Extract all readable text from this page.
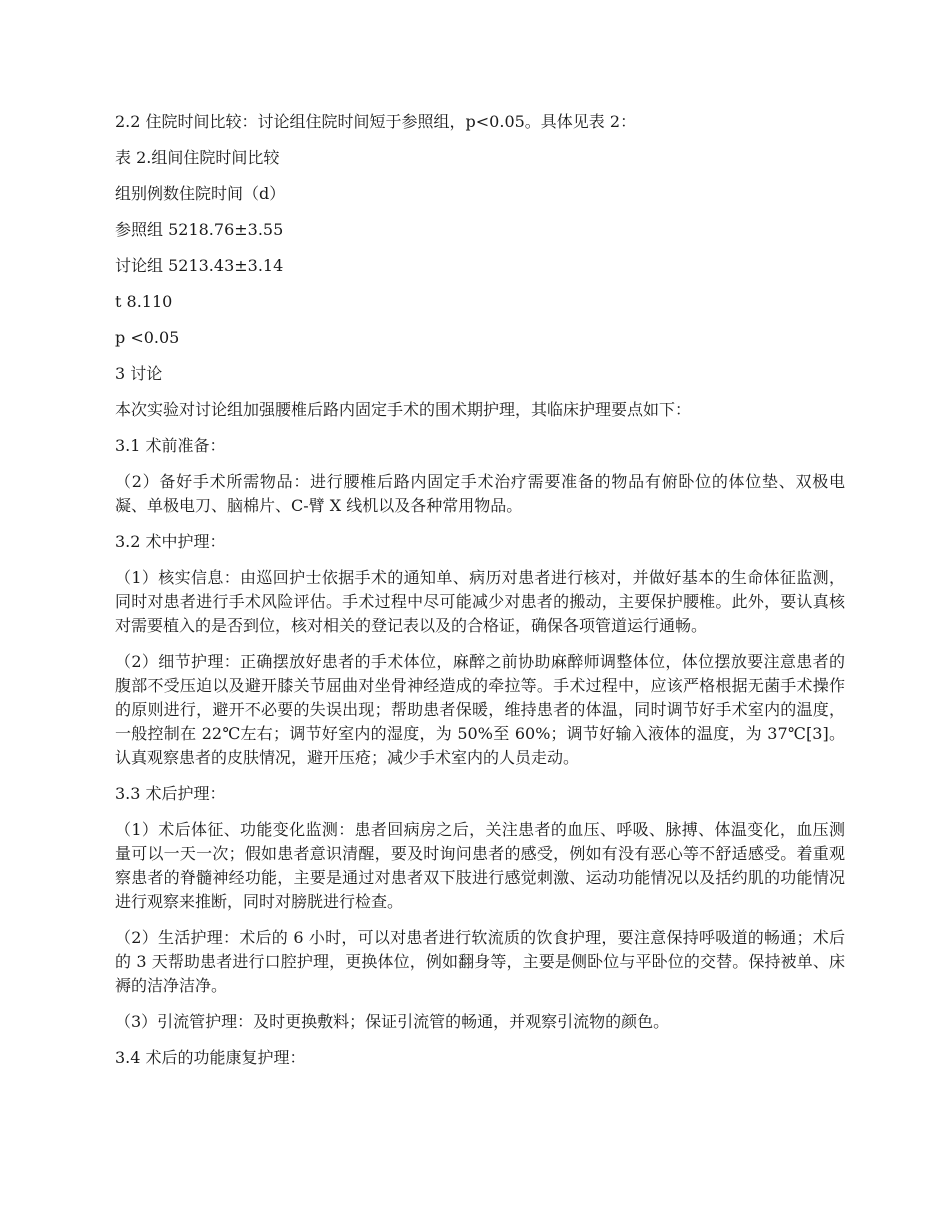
2.2 住院时间比较：讨论组住院时间短于参照组，p<0.05。具体见表 2：

表 2.组间住院时间比较

组别例数住院时间（d）

参照组 5218.76±3.55

讨论组 5213.43±3.14

t 8.110

p <0.05

3 讨论

本次实验对讨论组加强腰椎后路内固定手术的围术期护理，其临床护理要点如下：

3.1 术前准备：

（2）备好手术所需物品：进行腰椎后路内固定手术治疗需要准备的物品有俯卧位的体位垫、双极电凝、单极电刀、脑棉片、C-臂 X 线机以及各种常用物品。

3.2 术中护理：

（1）核实信息：由巡回护士依据手术的通知单、病历对患者进行核对，并做好基本的生命体征监测，同时对患者进行手术风险评估。手术过程中尽可能减少对患者的搬动，主要保护腰椎。此外，要认真核对需要植入的是否到位，核对相关的登记表以及的合格证，确保各项管道运行通畅。

（2）细节护理：正确摆放好患者的手术体位，麻醉之前协助麻醉师调整体位，体位摆放要注意患者的腹部不受压迫以及避开膝关节屈曲对坐骨神经造成的牵拉等。手术过程中，应该严格根据无菌手术操作的原则进行，避开不必要的失误出现；帮助患者保暖，维持患者的体温，同时调节好手术室内的温度，一般控制在 22℃左右；调节好室内的湿度，为 50%至 60%；调节好输入液体的温度，为 37℃[3]。认真观察患者的皮肤情况，避开压疮；减少手术室内的人员走动。

3.3 术后护理：

（1）术后体征、功能变化监测：患者回病房之后，关注患者的血压、呼吸、脉搏、体温变化，血压测量可以一天一次；假如患者意识清醒，要及时询问患者的感受，例如有没有恶心等不舒适感受。着重观察患者的脊髓神经功能，主要是通过对患者双下肢进行感觉刺激、运动功能情况以及括约肌的功能情况进行观察来推断，同时对膀胱进行检查。

（2）生活护理：术后的 6 小时，可以对患者进行软流质的饮食护理，要注意保持呼吸道的畅通；术后的 3 天帮助患者进行口腔护理，更换体位，例如翻身等，主要是侧卧位与平卧位的交替。保持被单、床褥的洁净洁净。

（3）引流管护理：及时更换敷料；保证引流管的畅通，并观察引流物的颜色。

3.4 术后的功能康复护理：
